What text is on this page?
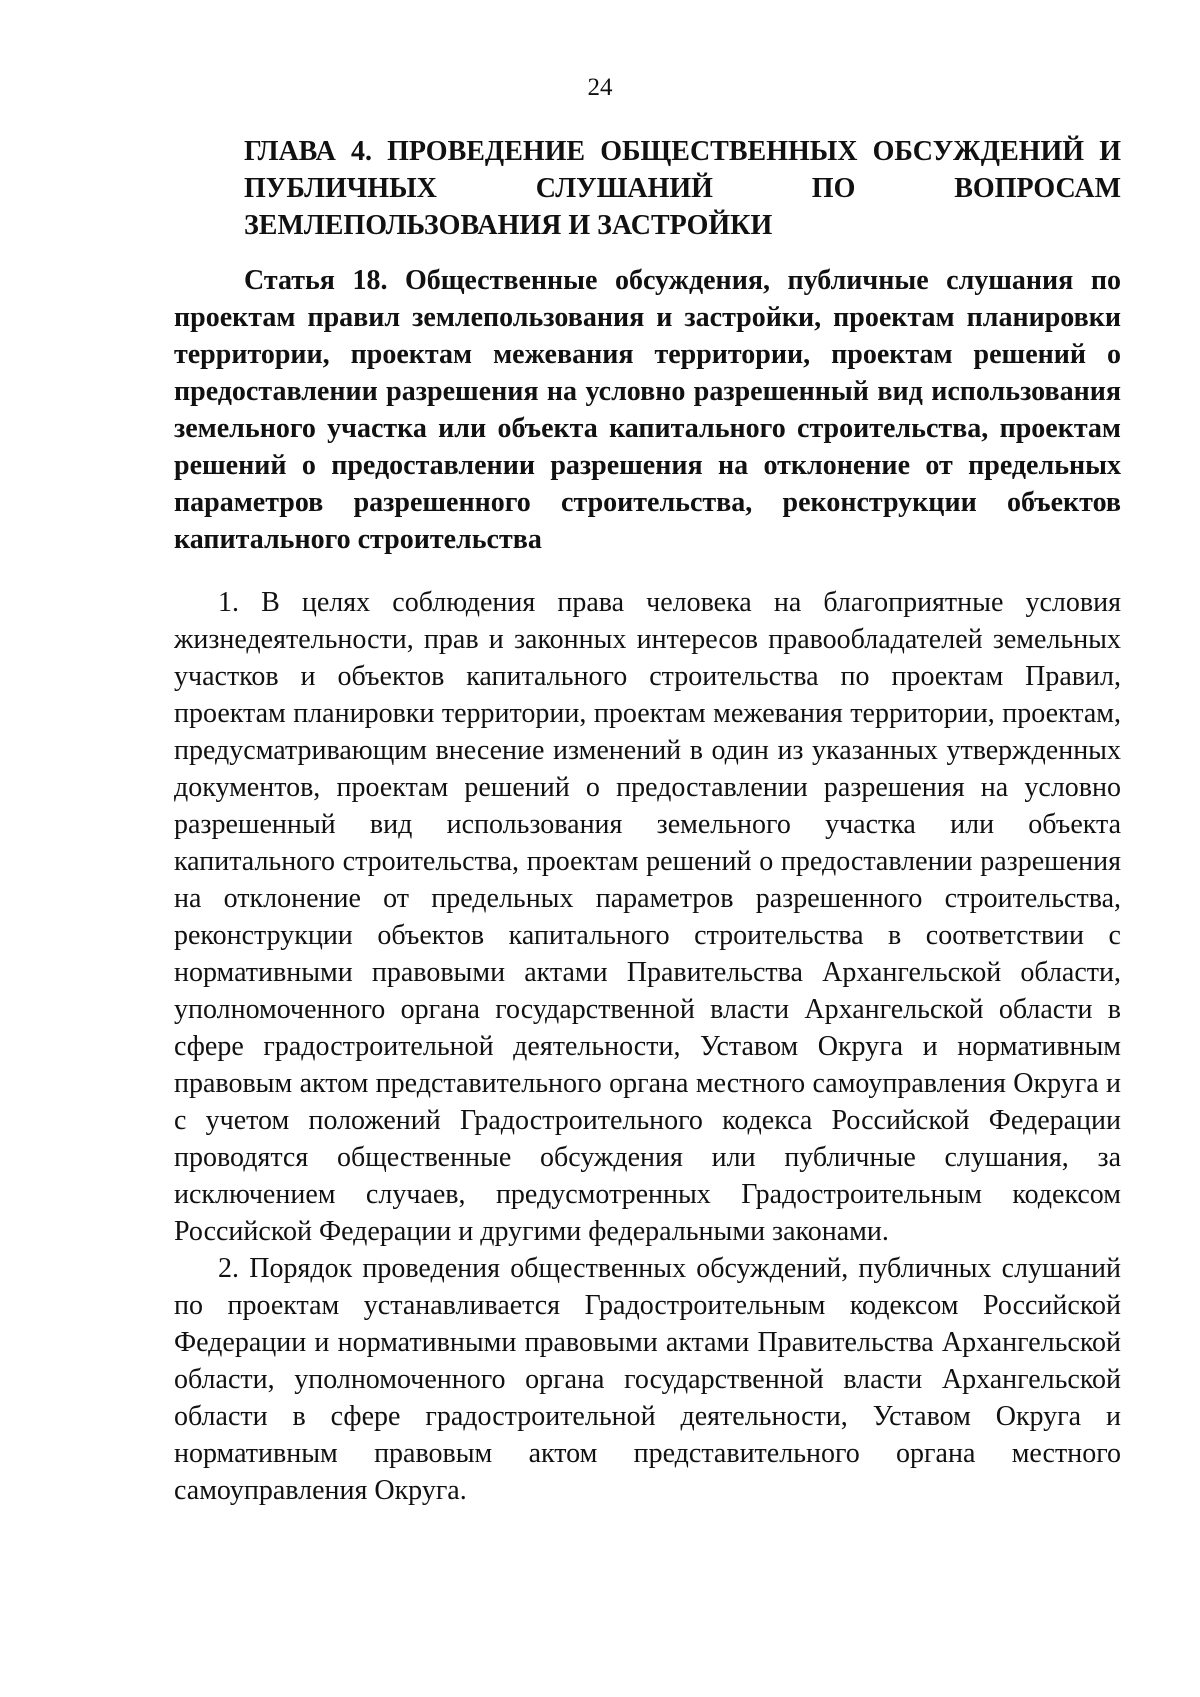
24
ГЛАВА 4. ПРОВЕДЕНИЕ ОБЩЕСТВЕННЫХ ОБСУЖДЕНИЙ И ПУБЛИЧНЫХ СЛУШАНИЙ ПО ВОПРОСАМ ЗЕМЛЕПОЛЬЗОВАНИЯ И ЗАСТРОЙКИ
Статья 18. Общественные обсуждения, публичные слушания по проектам правил землепользования и застройки, проектам планировки территории, проектам межевания территории, проектам решений о предоставлении разрешения на условно разрешенный вид использования земельного участка или объекта капитального строительства, проектам решений о предоставлении разрешения на отклонение от предельных параметров разрешенного строительства, реконструкции объектов капитального строительства

1. В целях соблюдения права человека на благоприятные условия жизнедеятельности, прав и законных интересов правообладателей земельных участков и объектов капитального строительства по проектам Правил, проектам планировки территории, проектам межевания территории, проектам, предусматривающим внесение изменений в один из указанных утвержденных документов, проектам решений о предоставлении разрешения на условно разрешенный вид использования земельного участка или объекта капитального строительства, проектам решений о предоставлении разрешения на отклонение от предельных параметров разрешенного строительства, реконструкции объектов капитального строительства в соответствии с нормативными правовыми актами Правительства Архангельской области, уполномоченного органа государственной власти Архангельской области в сфере градостроительной деятельности, Уставом Округа и нормативным правовым актом представительного органа местного самоуправления Округа и с учетом положений Градостроительного кодекса Российской Федерации проводятся общественные обсуждения или публичные слушания, за исключением случаев, предусмотренных Градостроительным кодексом Российской Федерации и другими федеральными законами.

2. Порядок проведения общественных обсуждений, публичных слушаний по проектам устанавливается Градостроительным кодексом Российской Федерации и нормативными правовыми актами Правительства Архангельской области, уполномоченного органа государственной власти Архангельской области в сфере градостроительной деятельности, Уставом Округа и нормативным правовым актом представительного органа местного самоуправления Округа.
